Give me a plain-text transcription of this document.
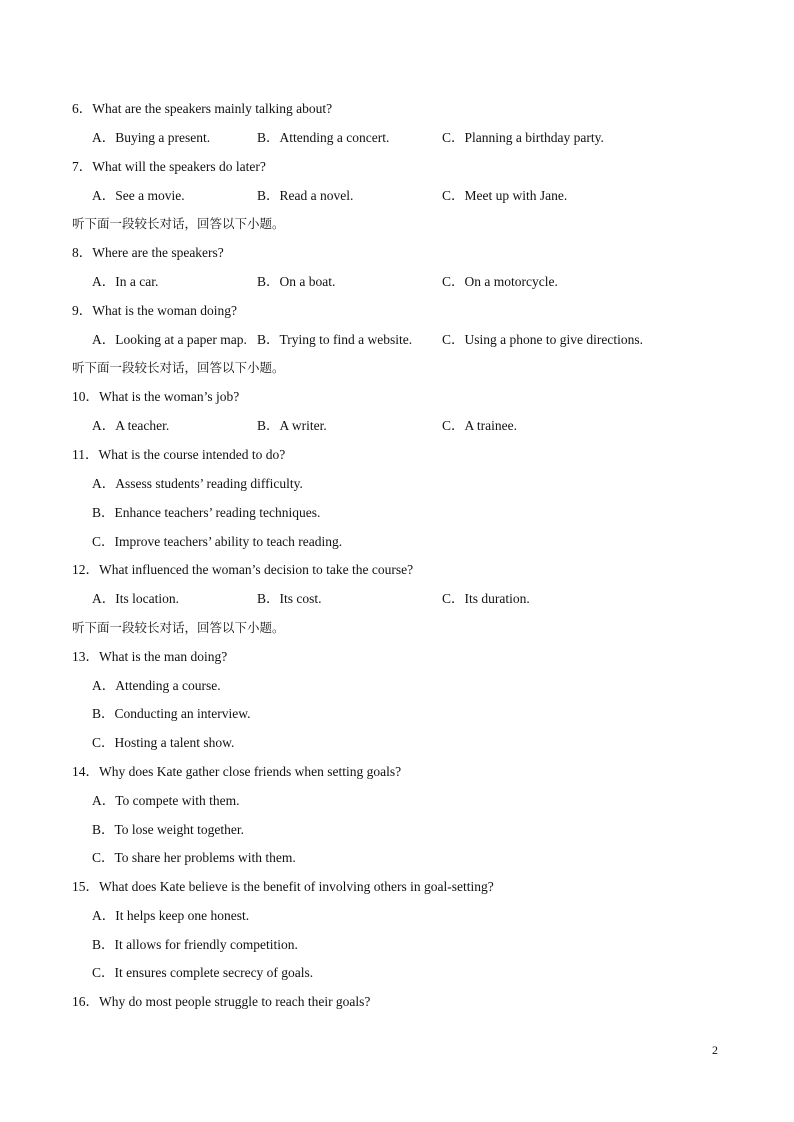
6．What are the speakers mainly talking about?
A．Buying a present.	B．Attending a concert.	C．Planning a birthday party.
7．What will the speakers do later?
A．See a movie.	B．Read a novel.	C．Meet up with Jane.
听下面一段较长对话，回答以下小题。
8．Where are the speakers?
A．In a car.	B．On a boat.	C．On a motorcycle.
9．What is the woman doing?
A．Looking at a paper map. B．Trying to find a website. C．Using a phone to give directions.
听下面一段较长对话，回答以下小题。
10．What is the woman’s job?
A．A teacher.	B．A writer.	C．A trainee.
11．What is the course intended to do?
A．Assess students’ reading difficulty.
B．Enhance teachers’ reading techniques.
C．Improve teachers’ ability to teach reading.
12．What influenced the woman’s decision to take the course?
A．Its location.	B．Its cost.	C．Its duration.
听下面一段较长对话，回答以下小题。
13．What is the man doing?
A．Attending a course.
B．Conducting an interview.
C．Hosting a talent show.
14．Why does Kate gather close friends when setting goals?
A．To compete with them.
B．To lose weight together.
C．To share her problems with them.
15．What does Kate believe is the benefit of involving others in goal-setting?
A．It helps keep one honest.
B．It allows for friendly competition.
C．It ensures complete secrecy of goals.
16．Why do most people struggle to reach their goals?
2
